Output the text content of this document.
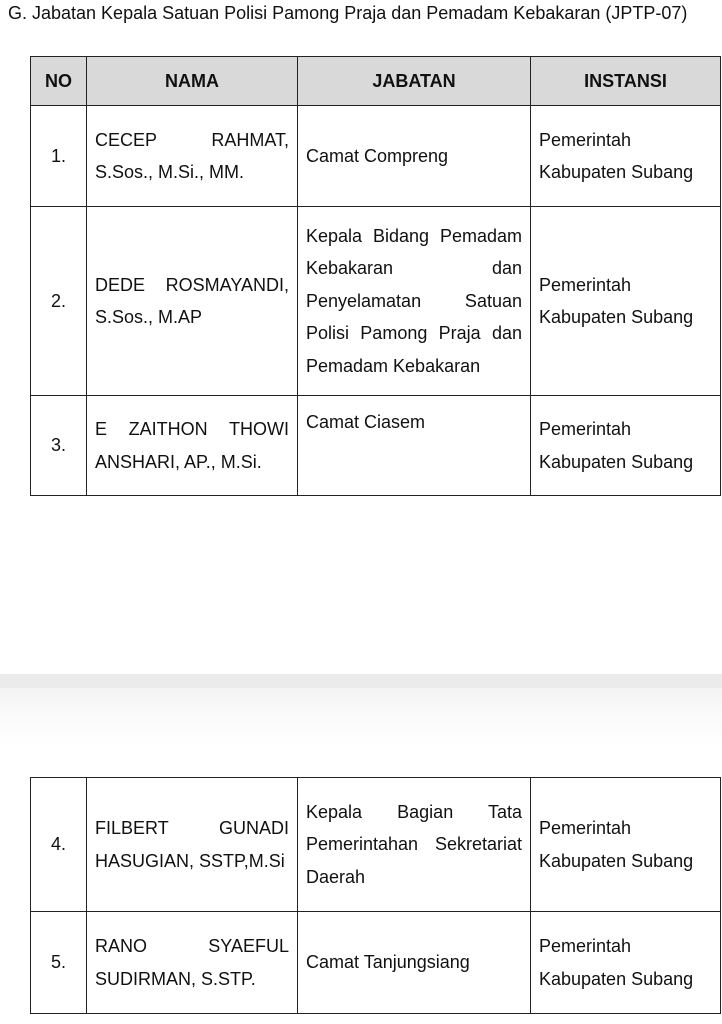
G. Jabatan Kepala Satuan Polisi Pamong Praja dan Pemadam Kebakaran (JPTP-07)
NO	NAMA	JABATAN	INSTANSI
1.	CECEP RAHMAT, S.Sos., M.Si., MM.	Camat Compreng	Pemerintah Kabupaten Subang
2.	DEDE ROSMAYANDI, S.Sos., M.AP	Kepala Bidang Pemadam Kebakaran dan Penyelamatan Satuan Polisi Pamong Praja dan Pemadam Kebakaran	Pemerintah Kabupaten Subang
3.	E ZAITHON THOWI ANSHARI, AP., M.Si.	Camat Ciasem	Pemerintah Kabupaten Subang
4.	FILBERT GUNADI HASUGIAN, SSTP,M.Si	Kepala Bagian Tata Pemerintahan Sekretariat Daerah	Pemerintah Kabupaten Subang
5.	RANO SYAEFUL SUDIRMAN, S.STP.	Camat Tanjungsiang	Pemerintah Kabupaten Subang
